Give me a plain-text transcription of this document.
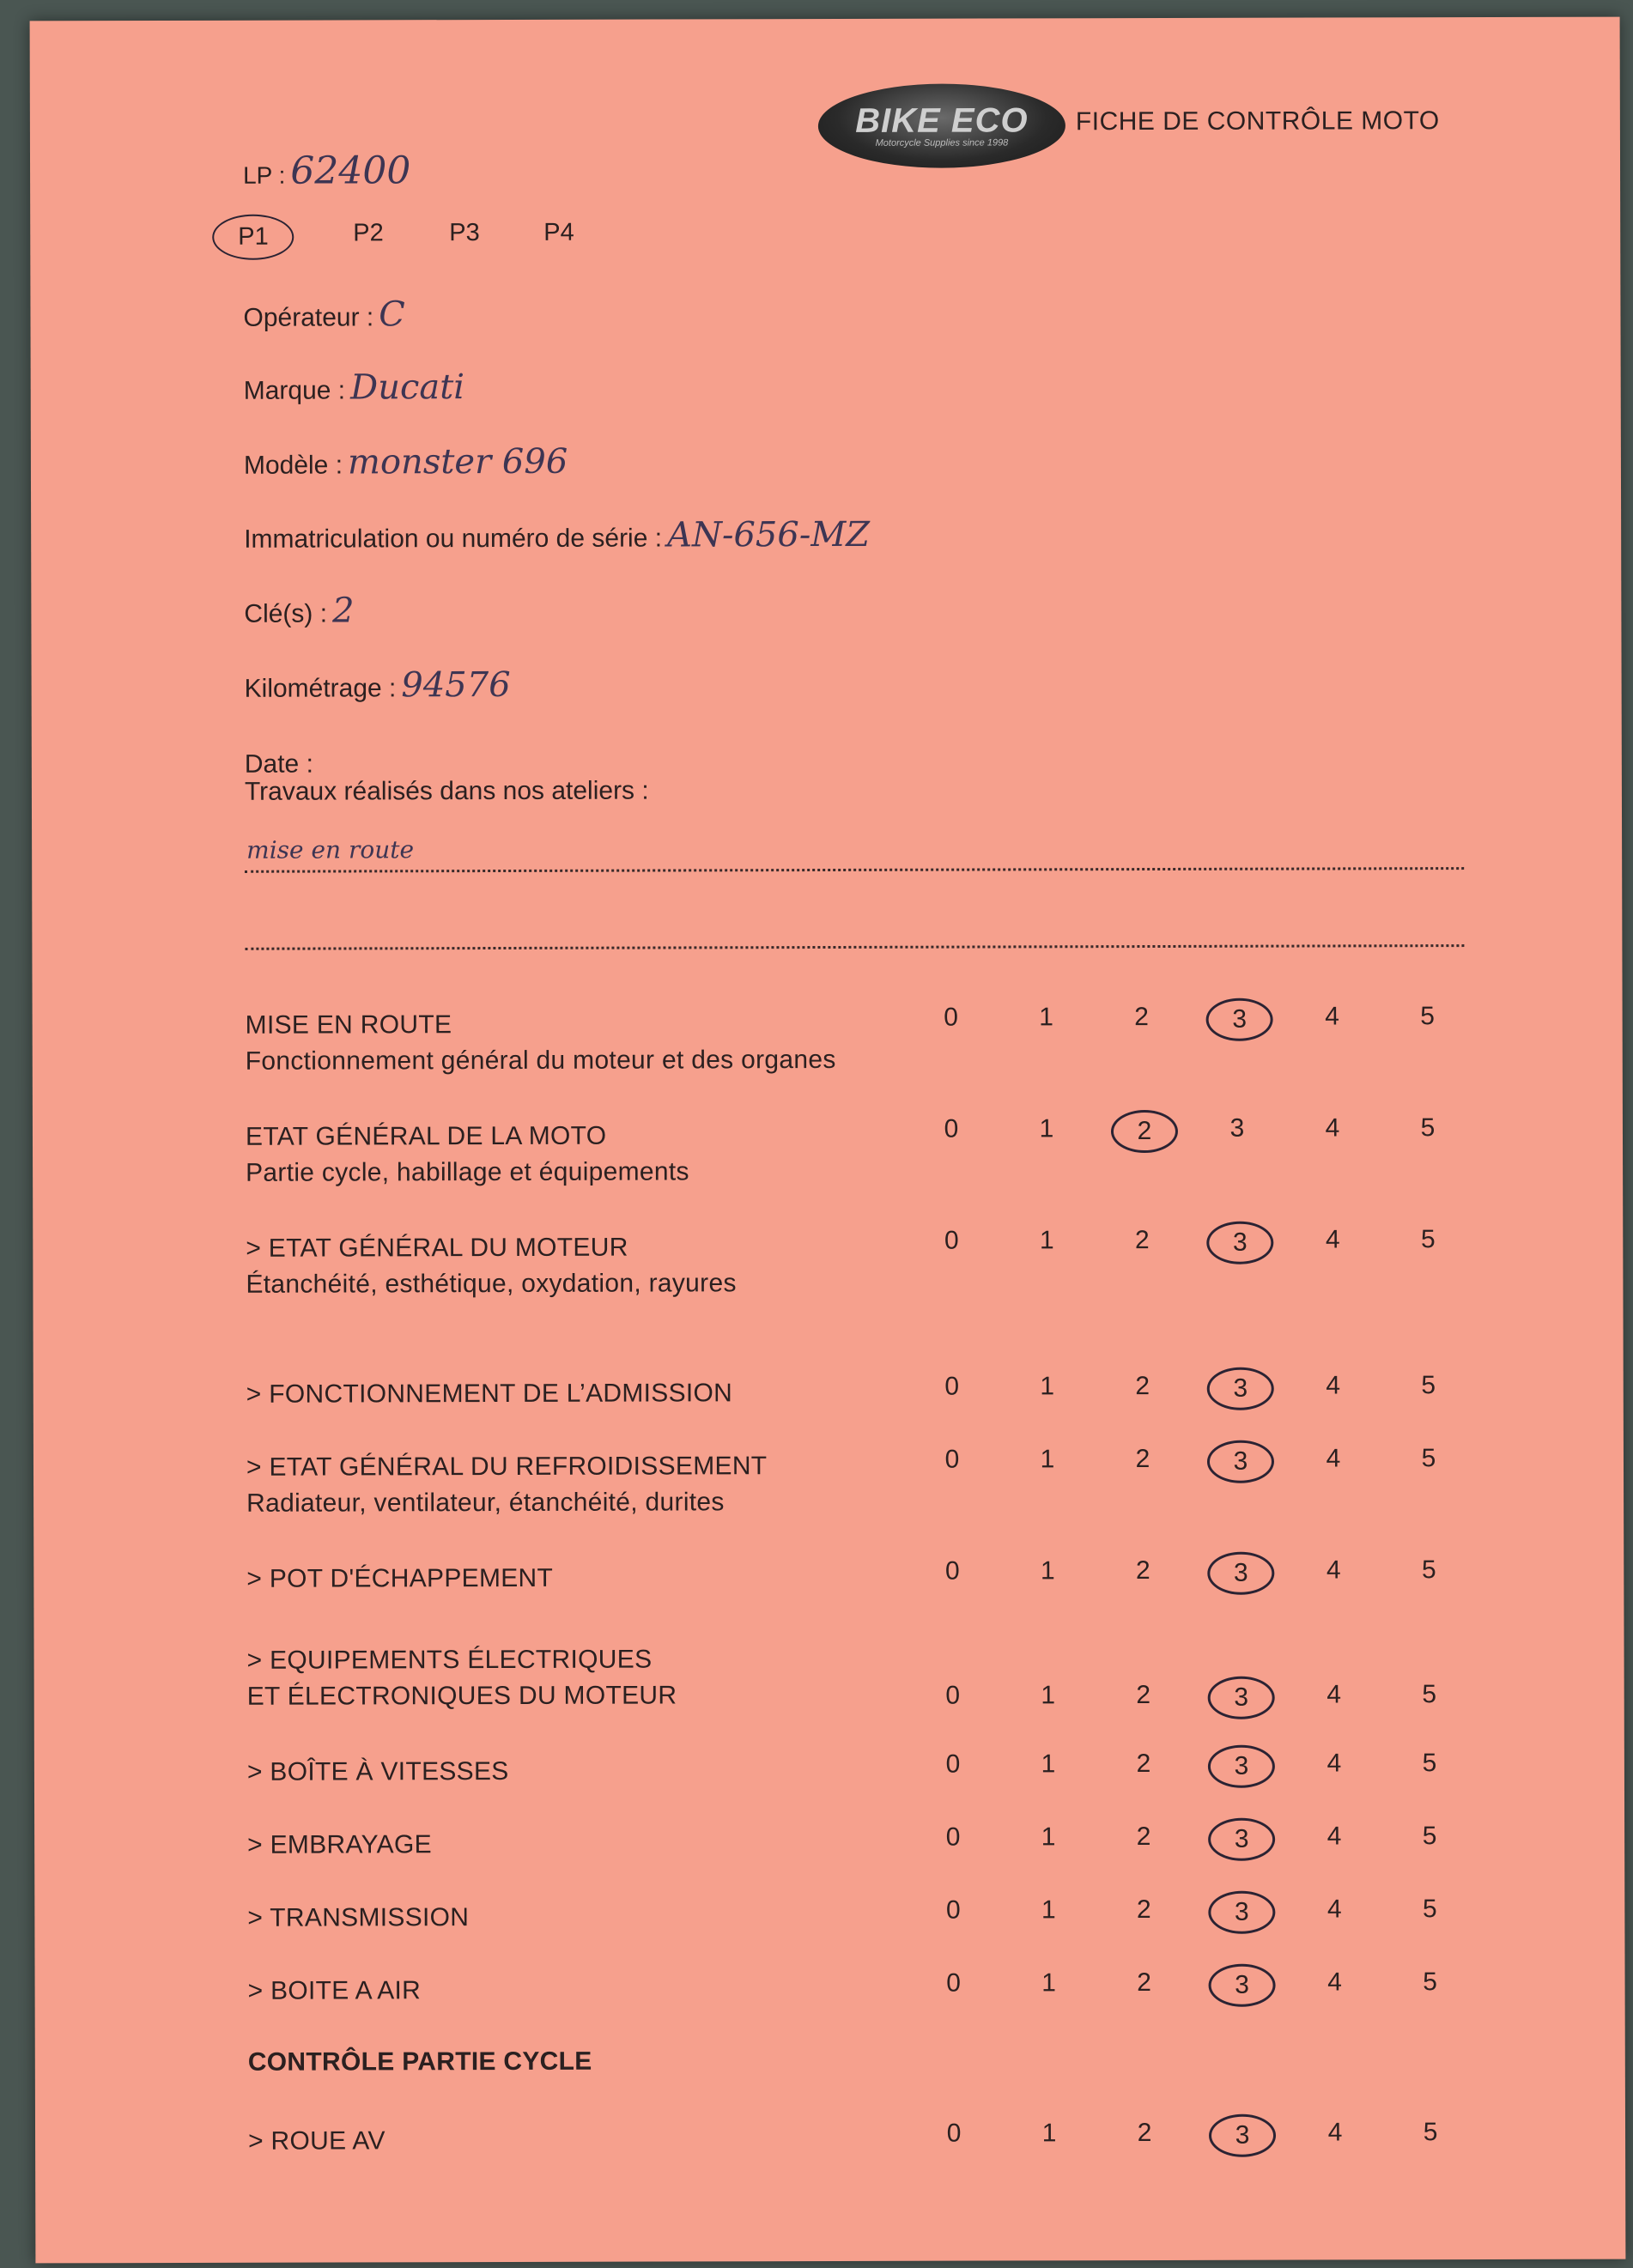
BIKE ECO
Motorcycle Supplies since 1998
FICHE DE CONTRÔLE MOTO
LP : 62400
P1	P2	P3	P4
Opérateur : C
Marque : Ducati
Modèle : monster 696
Immatriculation ou numéro de série : AN-656-MZ
Clé(s) : 2
Kilométrage : 94576
Date :
Travaux réalisés dans nos ateliers :
mise en route
MISE EN ROUTE
Fonctionnement général du moteur et des organes
0	1	2	3	4	5
ETAT GÉNÉRAL DE LA MOTO
Partie cycle, habillage et équipements
0	1	2	3	4	5
> ETAT GÉNÉRAL DU MOTEUR
Étanchéité, esthétique, oxydation, rayures
0	1	2	3	4	5
> FONCTIONNEMENT DE L’ADMISSION	0	1	2	3	4	5
> ETAT GÉNÉRAL DU REFROIDISSEMENT
Radiateur, ventilateur, étanchéité, durites
0	1	2	3	4	5
> POT D'ÉCHAPPEMENT	0	1	2	3	4	5
> EQUIPEMENTS ÉLECTRIQUES
ET ÉLECTRONIQUES DU MOTEUR	0	1	2	3	4	5
> BOÎTE À VITESSES	0	1	2	3	4	5
> EMBRAYAGE	0	1	2	3	4	5
> TRANSMISSION	0	1	2	3	4	5
> BOITE A AIR	0	1	2	3	4	5
CONTRÔLE PARTIE CYCLE
> ROUE AV	0	1	2	3	4	5
